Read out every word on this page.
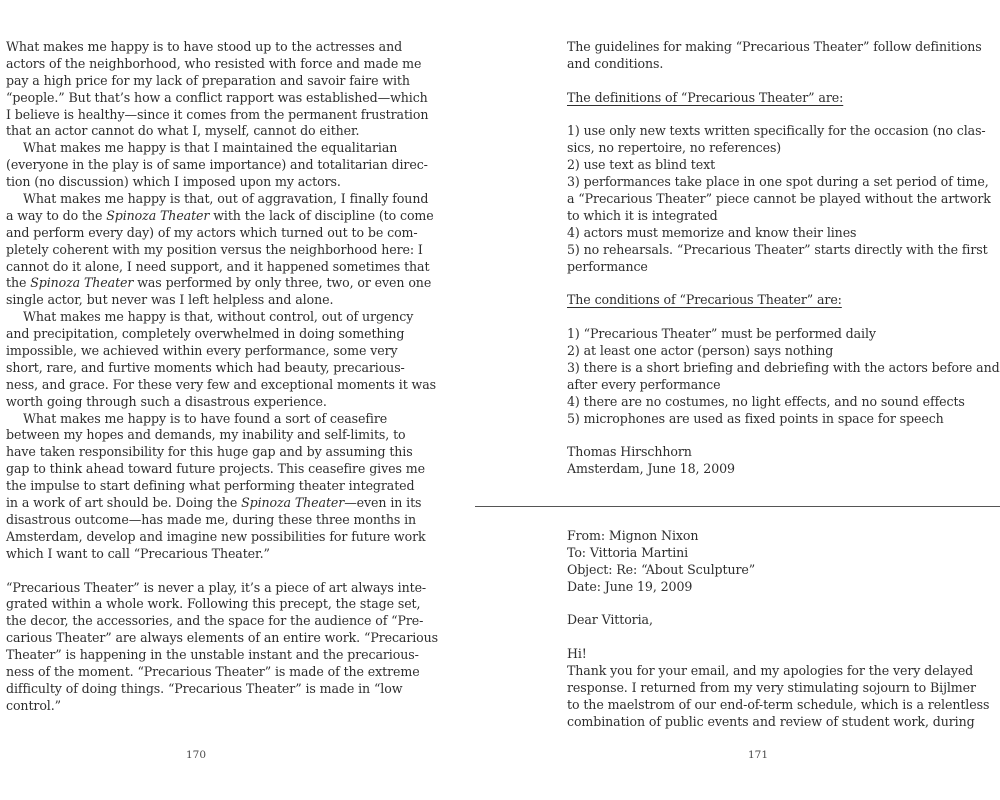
What makes me happy is to have stood up to the actresses and
actors of the neighborhood, who resisted with force and made me
pay a high price for my lack of preparation and savoir faire with
“people.” But that’s how a conflict rapport was established—which
I believe is healthy—since it comes from the permanent frustration
that an actor cannot do what I, myself, cannot do either.
What makes me happy is that I maintained the equalitarian
(everyone in the play is of same importance) and totalitarian direc-
tion (no discussion) which I imposed upon my actors.
What makes me happy is that, out of aggravation, I finally found
a way to do the Spinoza Theater with the lack of discipline (to come
and perform every day) of my actors which turned out to be com-
pletely coherent with my position versus the neighborhood here: I
cannot do it alone, I need support, and it happened sometimes that
the Spinoza Theater was performed by only three, two, or even one
single actor, but never was I left helpless and alone.
What makes me happy is that, without control, out of urgency
and precipitation, completely overwhelmed in doing something
impossible, we achieved within every performance, some very
short, rare, and furtive moments which had beauty, precarious-
ness, and grace. For these very few and exceptional moments it was
worth going through such a disastrous experience.
What makes me happy is to have found a sort of ceasefire
between my hopes and demands, my inability and self-limits, to
have taken responsibility for this huge gap and by assuming this
gap to think ahead toward future projects. This ceasefire gives me
the impulse to start defining what performing theater integrated
in a work of art should be. Doing the Spinoza Theater—even in its
disastrous outcome—has made me, during these three months in
Amsterdam, develop and imagine new possibilities for future work
which I want to call “Precarious Theater.”
“Precarious Theater” is never a play, it’s a piece of art always inte-
grated within a whole work. Following this precept, the stage set,
the decor, the accessories, and the space for the audience of “Pre-
carious Theater” are always elements of an entire work. “Precarious
Theater” is happening in the unstable instant and the precarious-
ness of the moment. “Precarious Theater” is made of the extreme
difficulty of doing things. “Precarious Theater” is made in “low
control.”
170
The guidelines for making “Precarious Theater” follow definitions
and conditions.
The definitions of “Precarious Theater” are:
1) use only new texts written specifically for the occasion (no clas-
sics, no repertoire, no references)
2) use text as blind text
3) performances take place in one spot during a set period of time,
a “Precarious Theater” piece cannot be played without the artwork
to which it is integrated
4) actors must memorize and know their lines
5) no rehearsals. “Precarious Theater” starts directly with the first
performance
The conditions of “Precarious Theater” are:
1) “Precarious Theater” must be performed daily
2) at least one actor (person) says nothing
3) there is a short briefing and debriefing with the actors before and
after every performance
4) there are no costumes, no light effects, and no sound effects
5) microphones are used as fixed points in space for speech
Thomas Hirschhorn
Amsterdam, June 18, 2009
From: Mignon Nixon
To: Vittoria Martini
Object: Re: “About Sculpture”
Date: June 19, 2009
Dear Vittoria,
Hi!
Thank you for your email, and my apologies for the very delayed
response. I returned from my very stimulating sojourn to Bijlmer
to the maelstrom of our end-of-term schedule, which is a relentless
combination of public events and review of student work, during
171
